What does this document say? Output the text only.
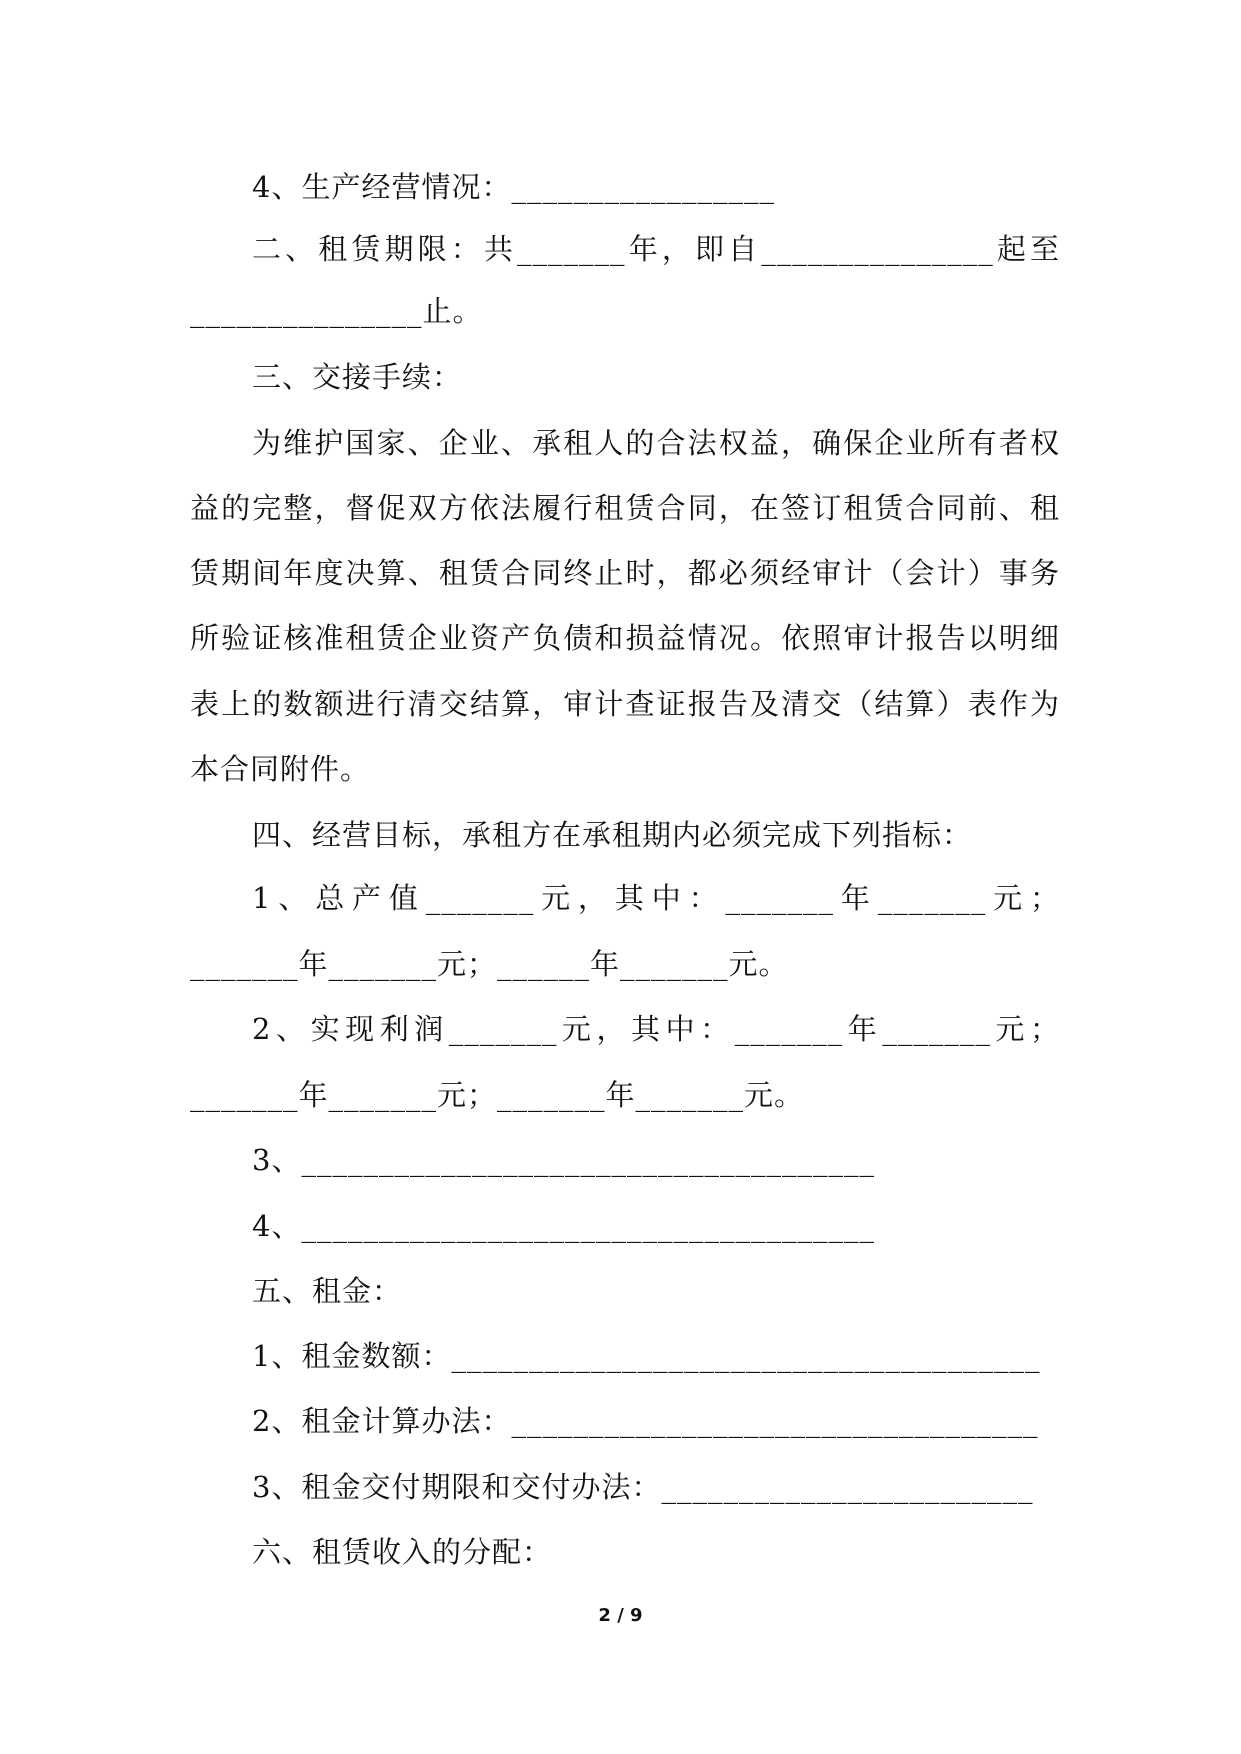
4、生产经营情况：_________________
二、租赁期限：共_______年，即自_______________起至
_______________止。
三、交接手续：
为维护国家、企业、承租人的合法权益，确保企业所有者权
益的完整，督促双方依法履行租赁合同，在签订租赁合同前、租
赁期间年度决算、租赁合同终止时，都必须经审计（会计）事务
所验证核准租赁企业资产负债和损益情况。依照审计报告以明细
表上的数额进行清交结算，审计查证报告及清交（结算）表作为
本合同附件。
四、经营目标，承租方在承租期内必须完成下列指标：
1、总产值_______元，其中：_______年_______元；
_______年_______元；______年_______元。
2、实现利润_______元，其中：_______年_______元；
_______年_______元；_______年_______元。
3、_____________________________________
4、_____________________________________
五、租金：
1、租金数额：______________________________________
2、租金计算办法：__________________________________
3、租金交付期限和交付办法：________________________
六、租赁收入的分配：
2 / 9
